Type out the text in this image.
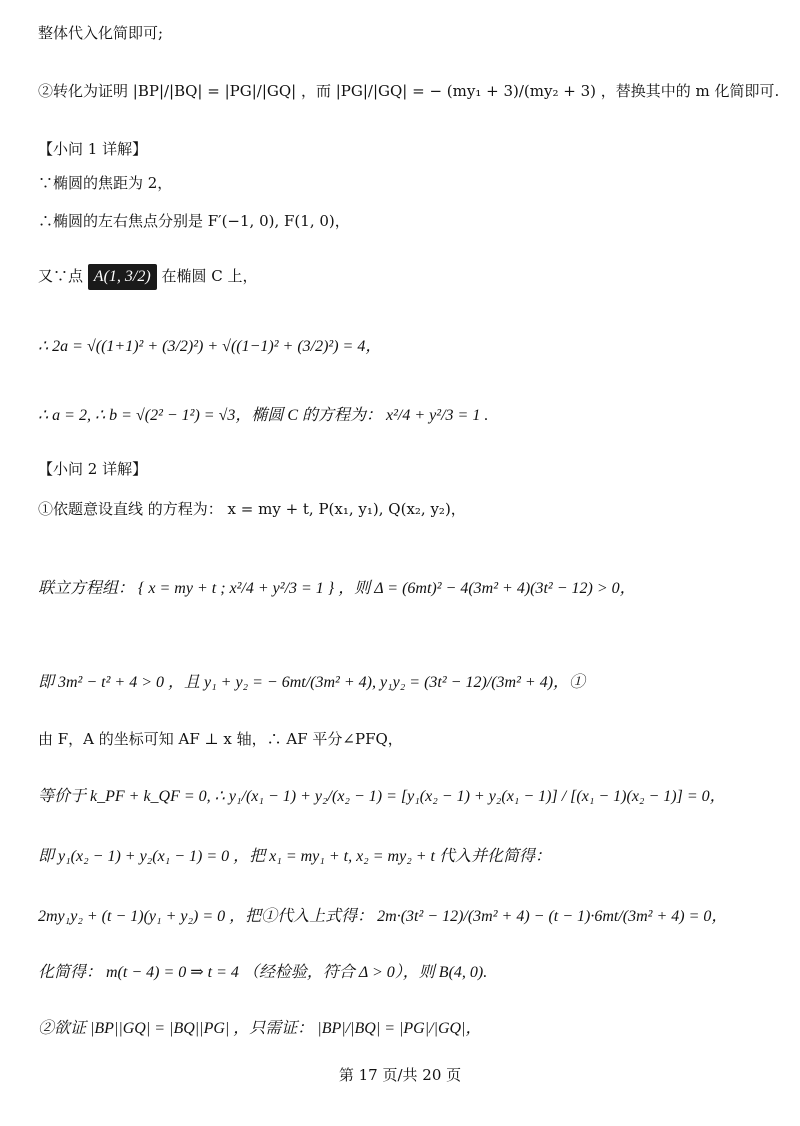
整体代入化简即可;
②转化为证明 |BP|/|BQ| = |PG|/|GQ| ，而 |PG|/|GQ| = − (my₁ + 3)/(my₂ + 3) ，替换其中的 m 化简即可.
【小问 1 详解】
∵椭圆的焦距为 2，
∴椭圆的左右焦点分别是 F′(−1, 0), F(1, 0)，
又∵点 A(1, 3/2) 在椭圆 C 上，
∴ 2a = √((1+1)² + (3/2)²) + √((1−1)² + (3/2)²) = 4，
∴ a = 2, ∴ b = √(2² − 1²) = √3，椭圆 C 的方程为： x²/4 + y²/3 = 1 .
【小问 2 详解】
①依题意设直线 的方程为： x = my + t, P(x₁, y₁), Q(x₂, y₂)，
联立方程组： { x = my + t ; x²/4 + y²/3 = 1 } ，则 Δ = (6mt)² − 4(3m² + 4)(3t² − 12) > 0，
即 3m² − t² + 4 > 0 ，且 y₁ + y₂ = − 6mt/(3m² + 4), y₁y₂ = (3t² − 12)/(3m² + 4)，①
由 F，A 的坐标可知 AF ⊥ x 轴，∴ AF 平分∠PFQ，
等价于 k_PF + k_QF = 0, ∴ y₁/(x₁ − 1) + y₂/(x₂ − 1) = [y₁(x₂ − 1) + y₂(x₁ − 1)] / [(x₁ − 1)(x₂ − 1)] = 0，
即 y₁(x₂ − 1) + y₂(x₁ − 1) = 0 ，把 x₁ = my₁ + t, x₂ = my₂ + t 代入并化简得：
2my₁y₂ + (t − 1)(y₁ + y₂) = 0 ，把①代入上式得： 2m·(3t² − 12)/(3m² + 4) − (t − 1)·6mt/(3m² + 4) = 0，
化简得： m(t − 4) = 0 ⇒ t = 4 （经检验，符合 Δ > 0），则 B(4, 0).
②欲证 |BP||GQ| = |BQ||PG| ，只需证： |BP|/|BQ| = |PG|/|GQ|，
第 17 页/共 20 页
